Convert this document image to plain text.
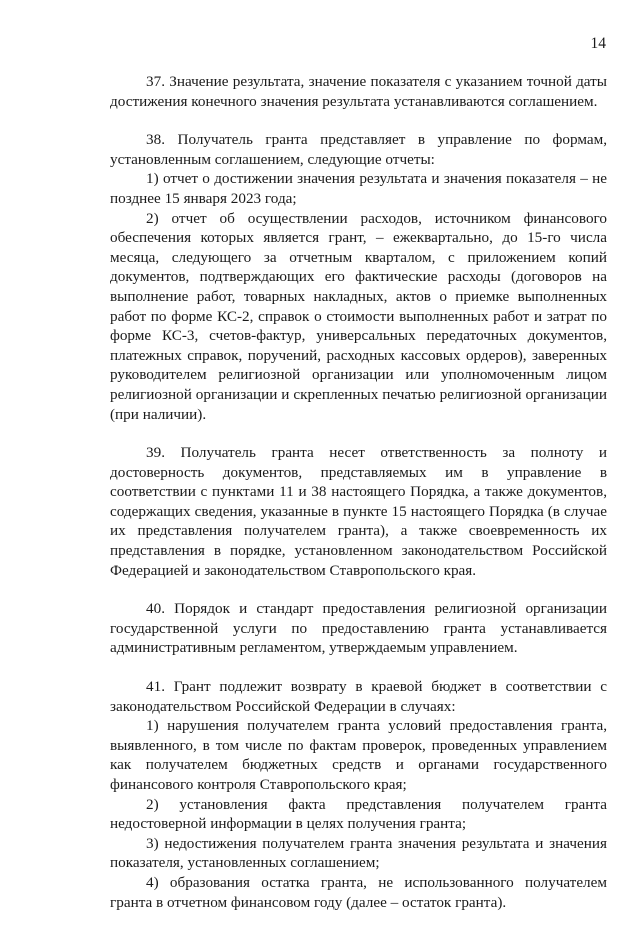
14

37. Значение результата, значение показателя с указанием точной даты достижения конечного значения результата устанавливаются соглашением.

38. Получатель гранта представляет в управление по формам, установленным соглашением, следующие отчеты:

1) отчет о достижении значения результата и значения показателя – не позднее 15 января 2023 года;

2) отчет об осуществлении расходов, источником финансового обеспечения которых является грант, – ежеквартально, до 15-го числа месяца, следующего за отчетным кварталом, с приложением копий документов, подтверждающих его фактические расходы (договоров на выполнение работ, товарных накладных, актов о приемке выполненных работ по форме КС-2, справок о стоимости выполненных работ и затрат по форме КС-3, счетов-фактур, универсальных передаточных документов, платежных справок, поручений, расходных кассовых ордеров), заверенных руководителем религиозной организации или уполномоченным лицом религиозной организации и скрепленных печатью религиозной организации (при наличии).

39. Получатель гранта несет ответственность за полноту и достоверность документов, представляемых им в управление в соответствии с пунктами 11 и 38 настоящего Порядка, а также документов, содержащих сведения, указанные в пункте 15 настоящего Порядка (в случае их представления получателем гранта), а также своевременность их представления в порядке, установленном законодательством Российской Федерацией и законодательством Ставропольского края.

40. Порядок и стандарт предоставления религиозной организации государственной услуги по предоставлению гранта устанавливается административным регламентом, утверждаемым управлением.

41. Грант подлежит возврату в краевой бюджет в соответствии с законодательством Российской Федерации в случаях:

1) нарушения получателем гранта условий предоставления гранта, выявленного, в том числе по фактам проверок, проведенных управлением как получателем бюджетных средств и органами государственного финансового контроля Ставропольского края;

2) установления факта представления получателем гранта недостоверной информации в целях получения гранта;

3) недостижения получателем гранта значения результата и значения показателя, установленных соглашением;

4) образования остатка гранта, не использованного получателем гранта в отчетном финансовом году (далее – остаток гранта).
